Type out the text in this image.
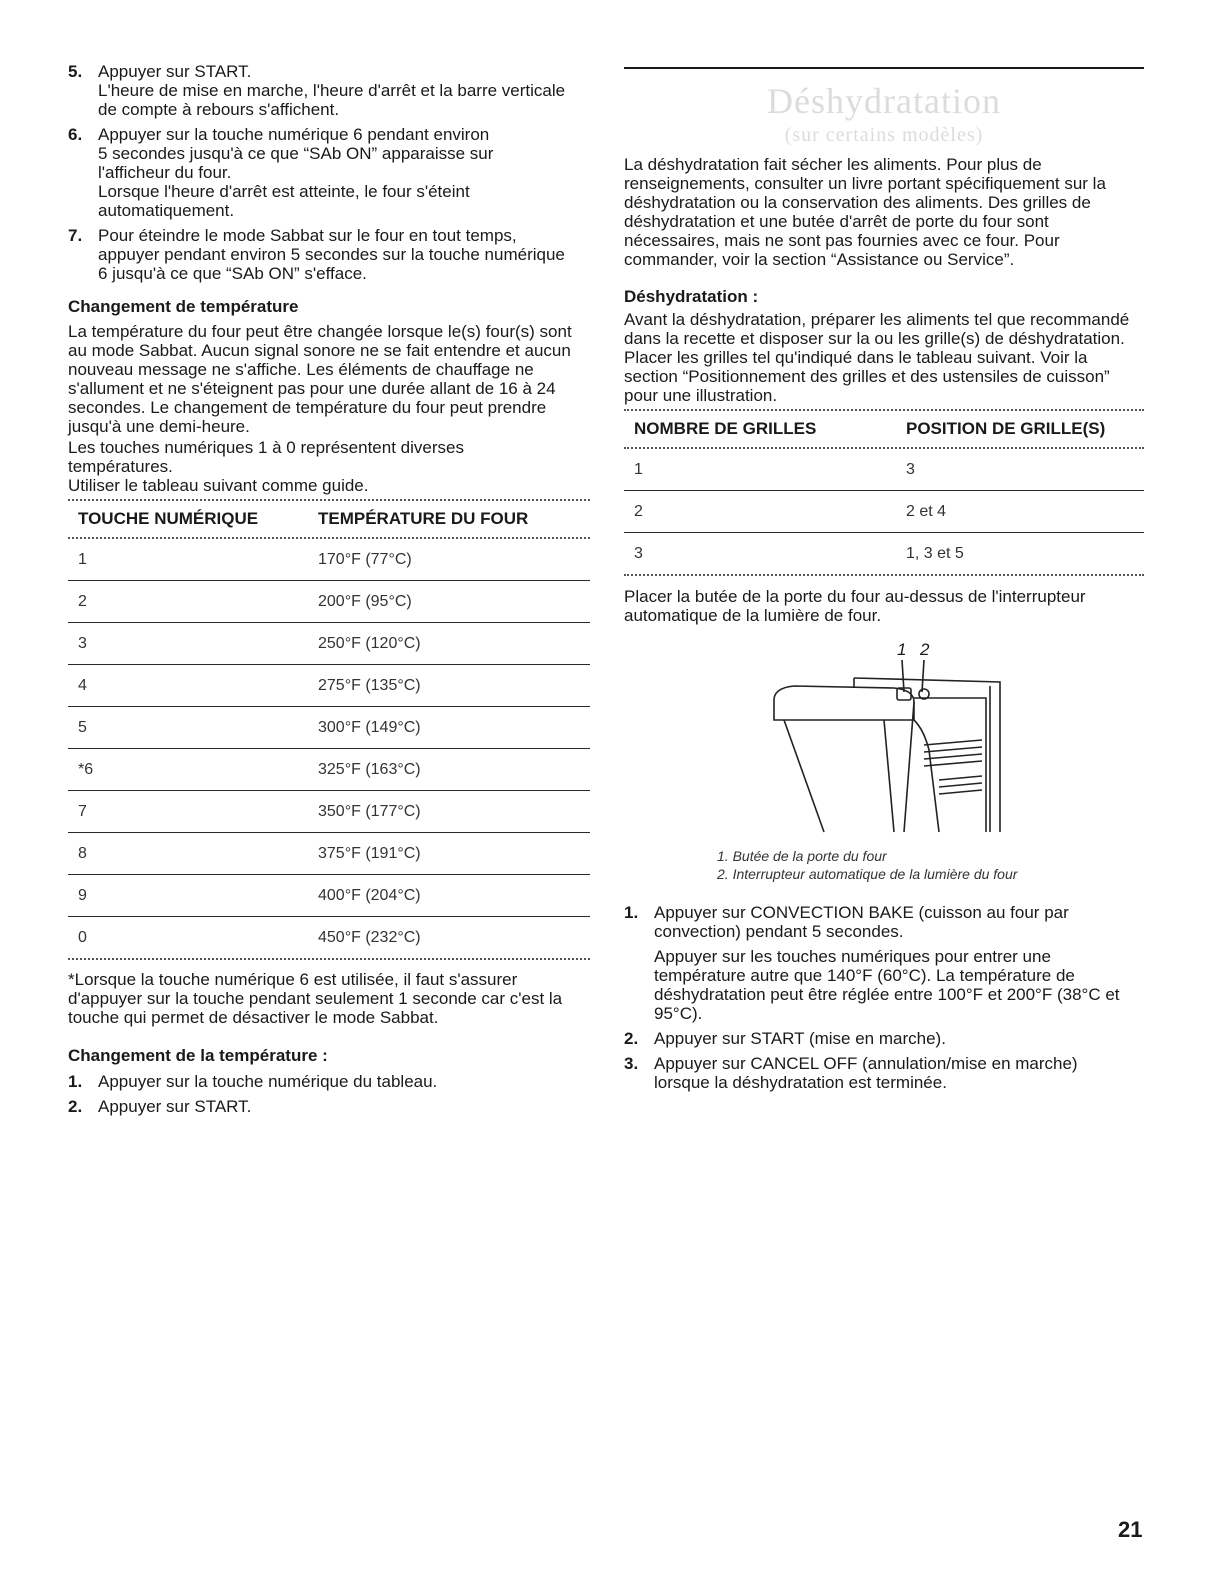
5. Appuyer sur START.
L'heure de mise en marche, l'heure d'arrêt et la barre verticale
de compte à rebours s'affichent.
6. Appuyer sur la touche numérique 6 pendant environ
5 secondes jusqu'à ce que “SAb ON” apparaisse sur
l'afficheur du four.
Lorsque l'heure d'arrêt est atteinte, le four s'éteint
automatiquement.
7. Pour éteindre le mode Sabbat sur le four en tout temps,
appuyer pendant environ 5 secondes sur la touche numérique
6 jusqu'à ce que “SAb ON” s'efface.
Changement de température

La température du four peut être changée lorsque le(s) four(s) sont au mode Sabbat. Aucun signal sonore ne se fait entendre et aucun nouveau message ne s'affiche. Les éléments de chauffage ne s'allument et ne s'éteignent pas pour une durée allant de 16 à 24 secondes. Le changement de température du four peut prendre jusqu'à une demi-heure.

Les touches numériques 1 à 0 représentent diverses températures.

Utiliser le tableau suivant comme guide.

TOUCHE NUMÉRIQUE	TEMPÉRATURE DU FOUR
1	170°F (77°C)
2	200°F (95°C)
3	250°F (120°C)
4	275°F (135°C)
5	300°F (149°C)
*6	325°F (163°C)
7	350°F (177°C)
8	375°F (191°C)
9	400°F (204°C)
0	450°F (232°C)

*Lorsque la touche numérique 6 est utilisée, il faut s'assurer d'appuyer sur la touche pendant seulement 1 seconde car c'est la touche qui permet de désactiver le mode Sabbat.

Changement de la température :
1. Appuyer sur la touche numérique du tableau.
2. Appuyer sur START.
Déshydratation
(sur certains modèles)

La déshydratation fait sécher les aliments. Pour plus de renseignements, consulter un livre portant spécifiquement sur la déshydratation ou la conservation des aliments. Des grilles de déshydratation et une butée d'arrêt de porte du four sont nécessaires, mais ne sont pas fournies avec ce four. Pour commander, voir la section “Assistance ou Service”.

Déshydratation :

Avant la déshydratation, préparer les aliments tel que recommandé dans la recette et disposer sur la ou les grille(s) de déshydratation. Placer les grilles tel qu'indiqué dans le tableau suivant. Voir la section “Positionnement des grilles et des ustensiles de cuisson” pour une illustration.

NOMBRE DE GRILLES	POSITION DE GRILLE(S)
1	3
2	2 et 4
3	1, 3 et 5

Placer la butée de la porte du four au-dessus de l'interrupteur automatique de la lumière de four.

1 2
1. Butée de la porte du four
2. Interrupteur automatique de la lumière du four
1. Appuyer sur CONVECTION BAKE (cuisson au four par
convection) pendant 5 secondes.
Appuyer sur les touches numériques pour entrer une
température autre que 140°F (60°C). La température de
déshydratation peut être réglée entre 100°F et 200°F (38°C et
95°C).
2. Appuyer sur START (mise en marche).
3. Appuyer sur CANCEL OFF (annulation/mise en marche)
lorsque la déshydratation est terminée.
21
